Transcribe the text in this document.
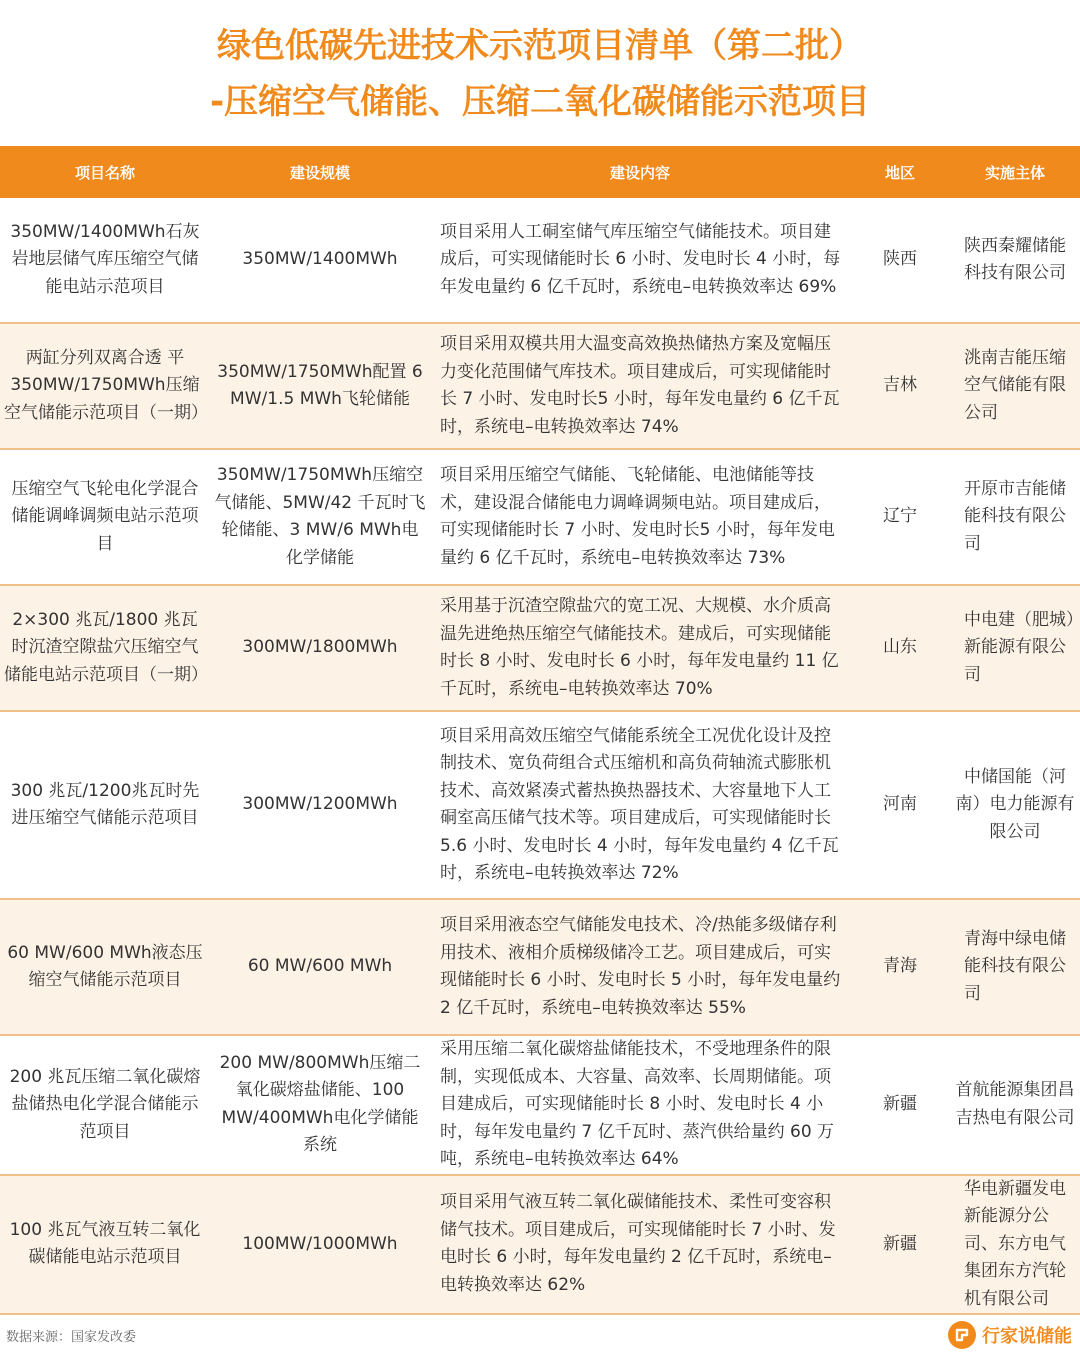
绿色低碳先进技术示范项目清单（第二批）
-压缩空气储能、压缩二氧化碳储能示范项目
项目名称	建设规模	建设内容	地区	实施主体
350MW/1400MWh石灰岩地层储气库压缩空气储能电站示范项目	350MW/1400MWh	项目采用人工硐室储气库压缩空气储能技术。项目建成后，可实现储能时长 6 小时、发电时长 4 小时，每年发电量约 6 亿千瓦时，系统电–电转换效率达 69%	陕西	陕西秦耀储能科技有限公司
两缸分列双离合透 平350MW/1750MWh压缩空气储能示范项目（一期）	350MW/1750MWh配置 6 MW/1.5 MWh飞轮储能	项目采用双模共用大温变高效换热储热方案及宽幅压力变化范围储气库技术。项目建成后，可实现储能时长 7 小时、发电时长5 小时，每年发电量约 6 亿千瓦时，系统电–电转换效率达 74%	吉林	洮南吉能压缩空气储能有限公司
压缩空气飞轮电化学混合储能调峰调频电站示范项目	350MW/1750MWh压缩空气储能、5MW/42 千瓦时飞轮储能、3 MW/6 MWh电化学储能	项目采用压缩空气储能、飞轮储能、电池储能等技术，建设混合储能电力调峰调频电站。项目建成后，可实现储能时长 7 小时、发电时长5 小时，每年发电量约 6 亿千瓦时，系统电–电转换效率达 73%	辽宁	开原市吉能储能科技有限公司
2×300 兆瓦/1800 兆瓦时沉渣空隙盐穴压缩空气储能电站示范项目（一期）	300MW/1800MWh	采用基于沉渣空隙盐穴的宽工况、大规模、水介质高温先进绝热压缩空气储能技术。建成后，可实现储能时长 8 小时、发电时长 6 小时，每年发电量约 11 亿千瓦时，系统电–电转换效率达 70%	山东	中电建（肥城）新能源有限公司
300 兆瓦/1200兆瓦时先进压缩空气储能示范项目	300MW/1200MWh	项目采用高效压缩空气储能系统全工况优化设计及控制技术、宽负荷组合式压缩机和高负荷轴流式膨胀机技术、高效紧凑式蓄热换热器技术、大容量地下人工硐室高压储气技术等。项目建成后，可实现储能时长 5.6 小时、发电时长 4 小时，每年发电量约 4 亿千瓦时，系统电–电转换效率达 72%	河南	中储国能（河南）电力能源有限公司
60 MW/600 MWh液态压缩空气储能示范项目	60 MW/600 MWh	项目采用液态空气储能发电技术、冷/热能多级储存利用技术、液相介质梯级储冷工艺。项目建成后，可实现储能时长 6 小时、发电时长 5 小时，每年发电量约 2 亿千瓦时，系统电–电转换效率达 55%	青海	青海中绿电储能科技有限公司
200 兆瓦压缩二氧化碳熔盐储热电化学混合储能示范项目	200 MW/800MWh压缩二氧化碳熔盐储能、100 MW/400MWh电化学储能系统	采用压缩二氧化碳熔盐储能技术，不受地理条件的限制，实现低成本、大容量、高效率、长周期储能。项目建成后，可实现储能时长 8 小时、发电时长 4 小时，每年发电量约 7 亿千瓦时、蒸汽供给量约 60 万吨，系统电–电转换效率达 64%	新疆	首航能源集团昌吉热电有限公司
100 兆瓦气液互转二氧化碳储能电站示范项目	100MW/1000MWh	项目采用气液互转二氧化碳储能技术、柔性可变容积储气技术。项目建成后，可实现储能时长 7 小时、发电时长 6 小时，每年发电量约 2 亿千瓦时，系统电–电转换效率达 62%	新疆	华电新疆发电新能源分公司、东方电气集团东方汽轮机有限公司
数据来源：国家发改委	行家说储能
